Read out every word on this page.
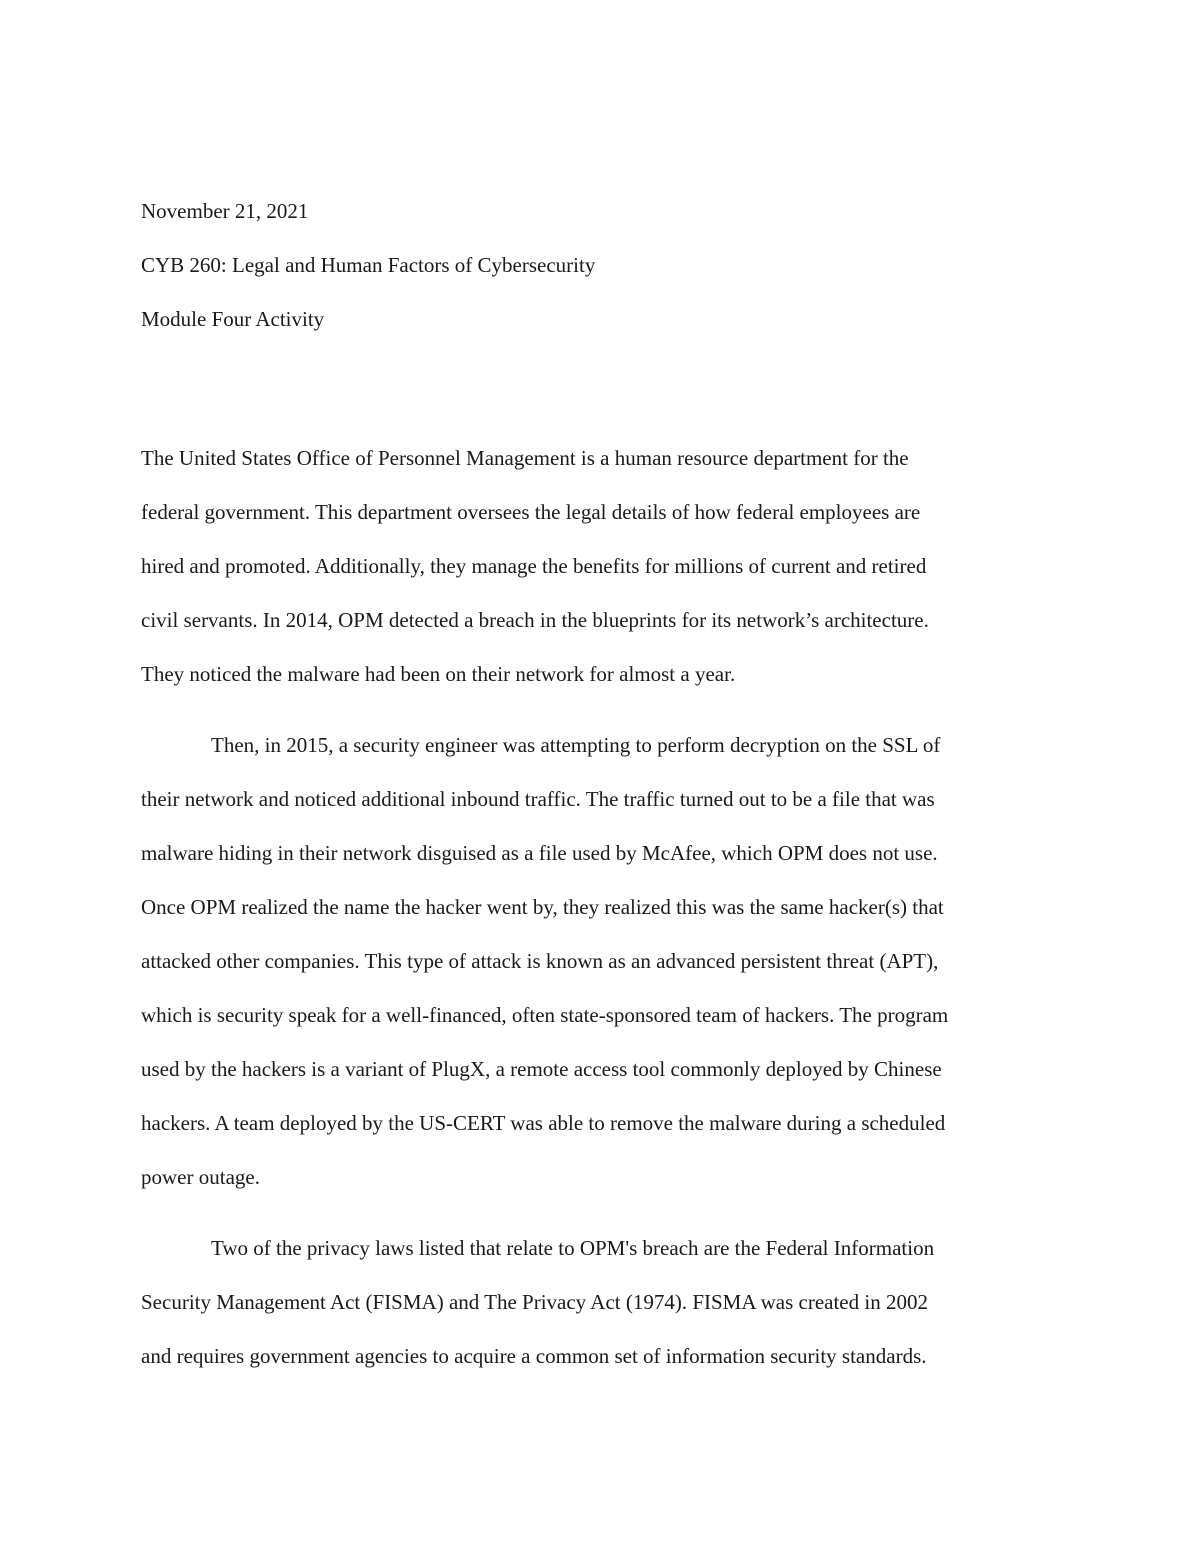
November 21, 2021
CYB 260: Legal and Human Factors of Cybersecurity
Module Four Activity
The United States Office of Personnel Management is a human resource department for the
federal government. This department oversees the legal details of how federal employees are
hired and promoted. Additionally, they manage the benefits for millions of current and retired
civil servants. In 2014, OPM detected a breach in the blueprints for its network’s architecture.
They noticed the malware had been on their network for almost a year.
Then, in 2015, a security engineer was attempting to perform decryption on the SSL of
their network and noticed additional inbound traffic. The traffic turned out to be a file that was
malware hiding in their network disguised as a file used by McAfee, which OPM does not use.
Once OPM realized the name the hacker went by, they realized this was the same hacker(s) that
attacked other companies. This type of attack is known as an advanced persistent threat (APT),
which is security speak for a well-financed, often state-sponsored team of hackers. The program
used by the hackers is a variant of PlugX, a remote access tool commonly deployed by Chinese
hackers. A team deployed by the US-CERT was able to remove the malware during a scheduled
power outage.
Two of the privacy laws listed that relate to OPM's breach are the Federal Information
Security Management Act (FISMA) and The Privacy Act (1974). FISMA was created in 2002
and requires government agencies to acquire a common set of information security standards.
